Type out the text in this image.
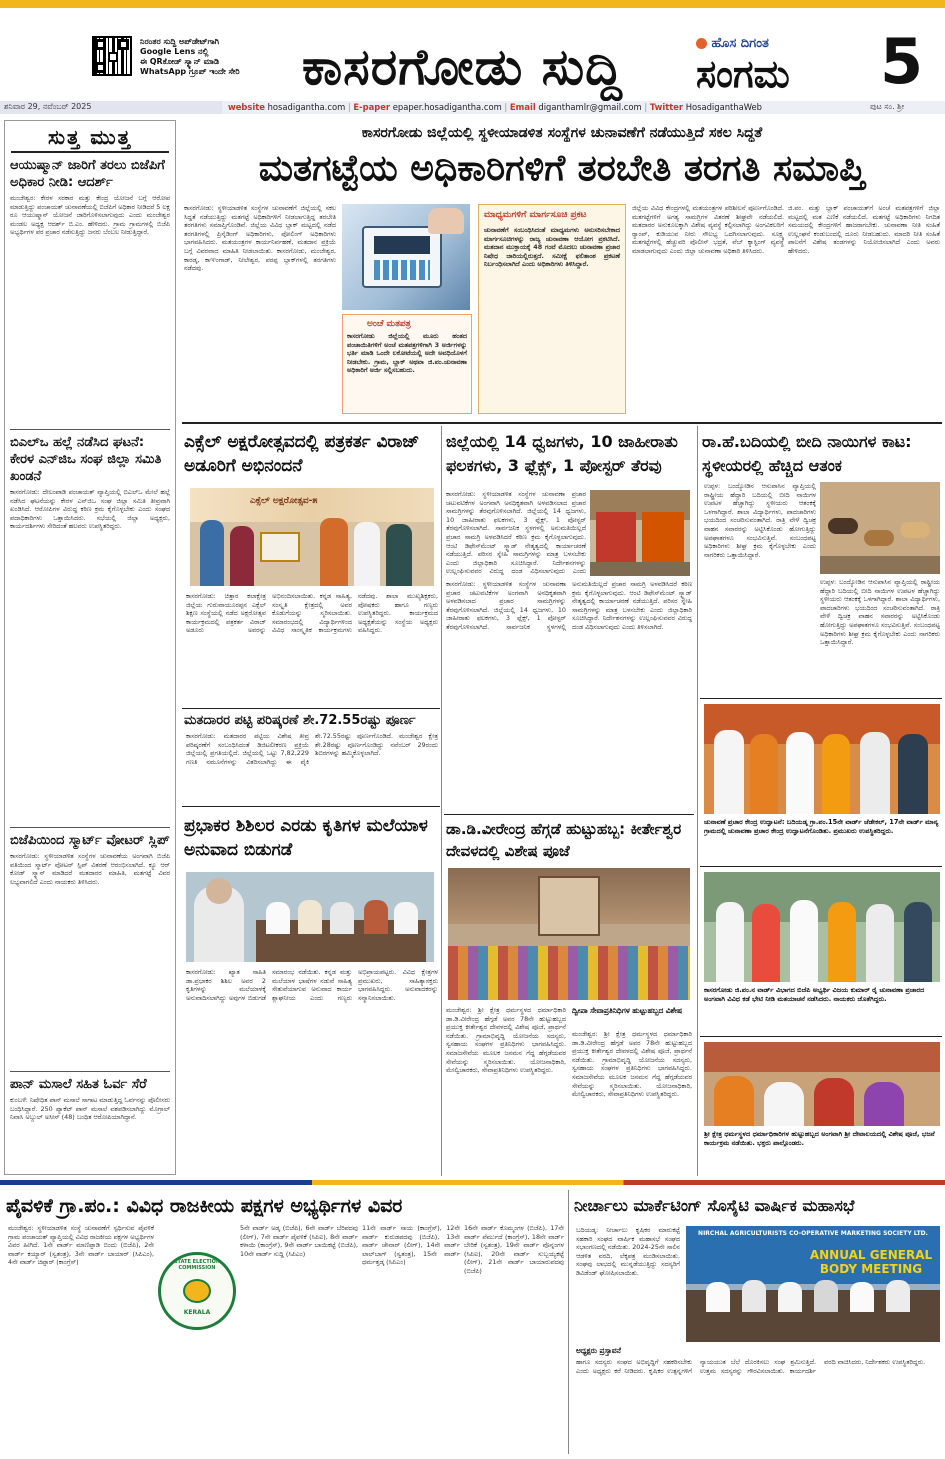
ನಿರಂತರ ಸುದ್ದಿ ಅಪ್‌ಡೇಟ್‌ಗಾಗಿ
Google Lens ನಲ್ಲಿ
ಈ QRಕೋಡ್ ಸ್ಕ್ಯಾನ್ ಮಾಡಿ
WhatsApp ಗ್ರೂಪ್ ಇಂದೇ ಸೇರಿ	ಕಾಸರಗೋಡು ಸುದ್ದಿ	ಹೊಸ ದಿಗಂತ
ಸಂಗಮ 5
ಶನಿವಾರ 29, ನವೆಂಬರ್ 2025	website hosadigantha.com | E-paper epaper.hosadigantha.com | Email diganthamlr@gmail.com | Twitter HosadiganthaWeb	ಪುಟ ಸಂ. ಶ್ರೀ
ಸುತ್ತ ಮುತ್ತ
ಆಯುಷ್ಮಾನ್ ಜಾರಿಗೆ ತರಲು ಬಿಜೆಪಿಗೆ ಅಧಿಕಾರ ನೀಡಿ: ಆದರ್ಶ್
ಮಂಜೇಶ್ವರ: ಕೇರಳ ಸರಕಾರ ಮತ್ತು ಕೇಂದ್ರ ಯೋಜನೆ ಬಗ್ಗೆ ಆರೋಪ ಮಾಡುತ್ತಿದ್ದು ಪಂಚಾಯತ್ ಚುನಾವಣೆಯಲ್ಲಿ ಬಿಜೆಪಿಗೆ ಅಧಿಕಾರ ನೀಡಿದರೆ 5 ಲಕ್ಷ ರೂ ಆಯುಷ್ಮಾನ್ ಯೋಜನೆ ಜಾರಿಗೊಳಿಸಲಾಗುವುದು ಎಂದು ಮಂಜೇಶ್ವರ ಮಂಡಲ ಅಧ್ಯಕ್ಷ ಆದರ್ಶ್ ಬಿ.ಎಂ. ಹೇಳಿದರು. ಗ್ರಾಮ ಗ್ರಾಮಗಳಲ್ಲಿ ಬಿಜೆಪಿ ಅಭ್ಯರ್ಥಿಗಳ ಪರ ಪ್ರಚಾರ ನಡೆಸುತ್ತಿದ್ದು ಜನರು ಬೆಂಬಲ ನೀಡುತ್ತಿದ್ದಾರೆ.
ಬಿಎಲ್‌ಒ ಹಲ್ಲೆ ನಡೆಸಿದ ಘಟನೆ: ಕೇರಳ ಎನ್‌ಜಿಒ ಸಂಘ ಜಿಲ್ಲಾ ಸಮಿತಿ ಖಂಡನೆ
ಕಾಸರಗೋಡು: ದೇಲಂಪಾಡಿ ಪಂಚಾಯತ್ ವ್ಯಾಪ್ತಿಯಲ್ಲಿ ಬಿಎಲ್‌ಒ ಮೇಲೆ ಹಲ್ಲೆ ನಡೆಸಿದ ಘಟನೆಯನ್ನು ಕೇರಳ ಎನ್‌ಜಿಒ ಸಂಘ ಜಿಲ್ಲಾ ಸಮಿತಿ ತೀವ್ರವಾಗಿ ಖಂಡಿಸಿದೆ. ಆರೋಪಿಗಳ ವಿರುದ್ಧ ಕಠಿಣ ಕ್ರಮ ಕೈಗೊಳ್ಳಬೇಕು ಎಂದು ಸಂಘದ ಪದಾಧಿಕಾರಿಗಳು ಒತ್ತಾಯಿಸಿದರು. ಸಭೆಯಲ್ಲಿ ಜಿಲ್ಲಾ ಅಧ್ಯಕ್ಷರು, ಕಾರ್ಯದರ್ಶಿಗಳು ಸೇರಿದಂತೆ ಹಲವರು ಉಪಸ್ಥಿತರಿದ್ದರು.
ಬಿಜೆಪಿಯಿಂದ ಸ್ಮಾರ್ಟ್ ವೋಟರ್ ಸ್ಲಿಪ್
ಕಾಸರಗೋಡು: ಸ್ಥಳೀಯಾಡಳಿತ ಸಂಸ್ಥೆಗಳ ಚುನಾವಣೆಯ ಅಂಗವಾಗಿ ಬಿಜೆಪಿ ವತಿಯಿಂದ ಸ್ಮಾರ್ಟ್ ವೋಟರ್ ಸ್ಲಿಪ್ ವಿತರಣೆ ಆರಂಭಿಸಲಾಗಿದೆ. ಕ್ಯೂ ಆರ್ ಕೋಡ್ ಸ್ಕ್ಯಾನ್ ಮಾಡಿದರೆ ಮತದಾರರ ಮಾಹಿತಿ, ಮತಗಟ್ಟೆ ವಿವರ ಲಭ್ಯವಾಗಲಿದೆ ಎಂದು ನಾಯಕರು ತಿಳಿಸಿದರು.
ಪಾನ್ ಮಸಾಲೆ ಸಹಿತ ಓರ್ವ ಸೆರೆ
ಕುಂಬಳೆ: ನಿಷೇಧಿತ ಪಾನ್ ಮಸಾಲೆ ಸಾಗಾಟ ಮಾಡುತ್ತಿದ್ದ ಓರ್ವನನ್ನು ಪೊಲೀಸರು ಬಂಧಿಸಿದ್ದಾರೆ. 250 ಪ್ಯಾಕೆಟ್ ಪಾನ್ ಮಸಾಲೆ ವಶಪಡಿಸಲಾಗಿದ್ದು ಮೊಗ್ರಾಲ್ ನಿವಾಸಿ ಅಬ್ದುಲ್ ಅಸೀಸ್ (48) ಬಂಧಿತ ಆರೋಪಿಯಾಗಿದ್ದಾನೆ.
ಕಾಸರಗೋಡು ಜಿಲ್ಲೆಯಲ್ಲಿ ಸ್ಥಳೀಯಾಡಳಿತ ಸಂಸ್ಥೆಗಳ ಚುನಾವಣೆಗೆ ನಡೆಯುತ್ತಿದೆ ಸಕಲ ಸಿದ್ಧತೆ
ಮತಗಟ್ಟೆಯ ಅಧಿಕಾರಿಗಳಿಗೆ ತರಬೇತಿ ತರಗತಿ ಸಮಾಪ್ತಿ
ಕಾಸರಗೋಡು: ಸ್ಥಳೀಯಾಡಳಿತ ಸಂಸ್ಥೆಗಳ ಚುನಾವಣೆಗೆ ಜಿಲ್ಲೆಯಲ್ಲಿ ಸಕಲ ಸಿದ್ಧತೆ ನಡೆಯುತ್ತಿದ್ದು ಮತಗಟ್ಟೆ ಅಧಿಕಾರಿಗಳಿಗೆ ನೀಡಲಾಗುತ್ತಿದ್ದ ತರಬೇತಿ ತರಗತಿಗಳು ಸಮಾಪ್ತಿಗೊಂಡಿವೆ. ಜಿಲ್ಲೆಯ ವಿವಿಧ ಬ್ಲಾಕ್ ಮಟ್ಟದಲ್ಲಿ ನಡೆದ ತರಗತಿಗಳಲ್ಲಿ ಪ್ರಿಸೈಡಿಂಗ್ ಅಧಿಕಾರಿಗಳು, ಪೋಲಿಂಗ್ ಅಧಿಕಾರಿಗಳು ಭಾಗವಹಿಸಿದರು. ಮತಯಂತ್ರಗಳ ಕಾರ್ಯನಿರ್ವಹಣೆ, ಮತದಾನ ಪ್ರಕ್ರಿಯೆ ಬಗ್ಗೆ ವಿವರವಾದ ಮಾಹಿತಿ ನೀಡಲಾಯಿತು. ಕಾಸರಗೋಡು, ಮಂಜೇಶ್ವರ, ಕಾರಡ್ಕ, ಕಾಞಂಗಾಡ್, ನೀಲೇಶ್ವರ, ಪರಪ್ಪ ಬ್ಲಾಕ್‌ಗಳಲ್ಲಿ ತರಗತಿಗಳು ನಡೆದವು.
ಅಂಚೆ ಮತಪತ್ರ
ಕಾಸರಗೋಡು ಜಿಲ್ಲೆಯಲ್ಲಿ ಮೂರು ಹಂತದ ಪಂಚಾಯಿತಿಗಳಿಗೆ ಅಂಚೆ ಮತಪತ್ರಗಳಿಗಾಗಿ 3 ಅರ್ಜಿಗಳನ್ನು ಭರ್ತಿ ಮಾಡಿ ಒಂದೇ ಲಕೋಟೆಯಲ್ಲಿ ಅದೇ ಅವಧಿಯೊಳಗೆ ನೀಡಬೇಕು. ಗ್ರಾಮ, ಬ್ಲಾಕ್ ಅಥವಾ ಜಿ.ಪಂ.ಚುನಾವಣಾ ಅಧಿಕಾರಿಗೆ ಅರ್ಜಿ ಸಲ್ಲಿಸಬಹುದು.
ಮಾಧ್ಯಮಗಳಿಗೆ ಮಾರ್ಗಸೂಚಿ ಪ್ರಕಟ
ಚುನಾವಣೆಗೆ ಸಂಬಂಧಿಸಿದಂತೆ ಮಾಧ್ಯಮಗಳು ಅನುಸರಿಸಬೇಕಾದ ಮಾರ್ಗಸೂಚಿಗಳನ್ನು ರಾಜ್ಯ ಚುನಾವಣಾ ಆಯೋಗ ಪ್ರಕಟಿಸಿದೆ. ಮತದಾನ ಮುಕ್ತಾಯಕ್ಕೆ 48 ಗಂಟೆ ಮೊದಲು ಚುನಾವಣಾ ಪ್ರಚಾರ ನಿಷೇಧ ಜಾರಿಯಲ್ಲಿರುತ್ತದೆ. ಸಮೀಕ್ಷೆ ಫಲಿತಾಂಶ ಪ್ರಕಟಣೆ ನಿರ್ಬಂಧಿಸಲಾಗಿದೆ ಎಂದು ಅಧಿಕಾರಿಗಳು ತಿಳಿಸಿದ್ದಾರೆ.
ಜಿಲ್ಲೆಯ ವಿವಿಧ ಕೇಂದ್ರಗಳಲ್ಲಿ ಮತಯಂತ್ರಗಳ ಪರಿಶೀಲನೆ ಪೂರ್ಣಗೊಂಡಿದೆ. ಮತಗಟ್ಟೆಗಳಿಗೆ ಅಗತ್ಯ ಸಾಮಗ್ರಿಗಳ ವಿತರಣೆ ಶೀಘ್ರವೇ ನಡೆಯಲಿದೆ. ಮತದಾರರ ಅನುಕೂಲಕ್ಕಾಗಿ ವಿಶೇಷ ವ್ಯವಸ್ಥೆ ಕಲ್ಪಿಸಲಾಗಿದ್ದು ಅಂಗವಿಕಲರಿಗೆ ರ‍್ಯಾಂಪ್, ಕುಡಿಯುವ ನೀರು ಸೌಲಭ್ಯ ಒದಗಿಸಲಾಗುವುದು. ಸೂಕ್ಷ್ಮ ಮತಗಟ್ಟೆಗಳಲ್ಲಿ ಹೆಚ್ಚುವರಿ ಪೊಲೀಸ್ ಭದ್ರತೆ, ವೆಬ್ ಕ್ಯಾಸ್ಟಿಂಗ್ ವ್ಯವಸ್ಥೆ ಮಾಡಲಾಗುವುದು ಎಂದು ಜಿಲ್ಲಾ ಚುನಾವಣಾ ಅಧಿಕಾರಿ ತಿಳಿಸಿದರು.
ಜಿ.ಪಂ. ಮತ್ತು ಬ್ಲಾಕ್ ಪಂಚಾಯತ್‌ಗೆ ಅಂಚೆ ಮತಪತ್ರಗಳಿಗೆ ಜಿಲ್ಲಾ ಮಟ್ಟದಲ್ಲಿ ಮತ ಎಣಿಕೆ ನಡೆಯಲಿದೆ. ಮತಗಟ್ಟೆ ಅಧಿಕಾರಿಗಳು ನಿಗದಿತ ಸಮಯದಲ್ಲಿ ಕೇಂದ್ರಗಳಿಗೆ ಹಾಜರಾಗಬೇಕು. ಚುನಾವಣಾ ನೀತಿ ಸಂಹಿತೆ ಉಲ್ಲಂಘನೆ ಕಂಡುಬಂದಲ್ಲಿ ದೂರು ನೀಡಬಹುದು. ಮಾದರಿ ನೀತಿ ಸಂಹಿತೆ ಪಾಲನೆಗೆ ವಿಶೇಷ ತಂಡಗಳನ್ನು ನಿಯೋಜಿಸಲಾಗಿದೆ ಎಂದು ಅವರು ಹೇಳಿದರು.
ಎಕ್ಸೆಲ್ ಅಕ್ಷರೋತ್ಸವದಲ್ಲಿ ಪತ್ರಕರ್ತ ವಿರಾಜ್ ಅಡೂರಿಗೆ ಅಭಿನಂದನೆ
ಎಕ್ಸೆಲ್ ಅಕ್ಷರೋತ್ಸವ-೫
ಕಾಸರಗೋಡು: ಚಿತ್ತಾರ ಕಲಾಕ್ಷೇತ್ರ ಜಿಲ್ಲೆಯ ಗುರುವಾಯೂರಪ್ಪನ ಎಕ್ಸೆಲ್ ಶಿಕ್ಷಣ ಸಂಸ್ಥೆಯಲ್ಲಿ ನಡೆದ ಅಕ್ಷರೋತ್ಸವ ಕಾರ್ಯಕ್ರಮದಲ್ಲಿ ಪತ್ರಕರ್ತ ವಿರಾಜ್ ಅಡೂರು ಅವರನ್ನು ಅಭಿನಂದಿಸಲಾಯಿತು. ಕನ್ನಡ ಸಾಹಿತ್ಯ, ಸಂಸ್ಕೃತಿ ಕ್ಷೇತ್ರದಲ್ಲಿ ಅವರ ಕೊಡುಗೆಯನ್ನು ಸ್ಮರಿಸಲಾಯಿತು. ಸಮಾರಂಭದಲ್ಲಿ ವಿದ್ಯಾರ್ಥಿಗಳಿಂದ ವಿವಿಧ ಸಾಂಸ್ಕೃತಿಕ ಕಾರ್ಯಕ್ರಮಗಳು ನಡೆದವು. ಶಾಲಾ ಮುಖ್ಯಶಿಕ್ಷಕರು, ಪೋಷಕರು ಹಾಗೂ ಗಣ್ಯರು ಉಪಸ್ಥಿತರಿದ್ದರು. ಕಾರ್ಯಕ್ರಮದ ಅಧ್ಯಕ್ಷತೆಯನ್ನು ಸಂಸ್ಥೆಯ ಅಧ್ಯಕ್ಷರು ವಹಿಸಿದ್ದರು.
ಮತದಾರರ ಪಟ್ಟಿ ಪರಿಷ್ಕರಣೆ ಶೇ.72.55ರಷ್ಟು ಪೂರ್ಣ
ಕಾಸರಗೋಡು: ಮತದಾರರ ಪಟ್ಟಿಯ ವಿಶೇಷ ತೀವ್ರ ಪರಿಷ್ಕರಣೆಗೆ ಸಂಬಂಧಿಸಿದಂತೆ ಡಿಜಿಟಲೀಕರಣ ಪ್ರಕ್ರಿಯೆ ಜಿಲ್ಲೆಯಲ್ಲಿ ಪ್ರಗತಿಯಲ್ಲಿದೆ. ಜಿಲ್ಲೆಯಲ್ಲಿ ಒಟ್ಟು 7,82,229 ಗಣತಿ ನಮೂನೆಗಳನ್ನು ವಿತರಿಸಲಾಗಿದ್ದು ಈ ಪೈಕಿ ಶೇ.72.55ರಷ್ಟು ಪೂರ್ಣಗೊಂಡಿದೆ. ಮಂಜೇಶ್ವರ ಕ್ಷೇತ್ರ ಶೇ.28ರಷ್ಟು ಪೂರ್ಣಗೊಂಡಿದ್ದು ನವೆಂಬರ್ 29ರಂದು ಶಿಬಿರಗಳನ್ನು ಹಮ್ಮಿಕೊಳ್ಳಲಾಗಿದೆ.
ಪ್ರಭಾಕರ ಶಿಶಿಲರ ಎರಡು ಕೃತಿಗಳ ಮಲೆಯಾಳ ಅನುವಾದ ಬಿಡುಗಡೆ
ಕಾಸರಗೋಡು: ಖ್ಯಾತ ಸಾಹಿತಿ ಡಾ.ಪ್ರಭಾಕರ ಶಿಶಿಲ ಅವರ 2 ಕೃತಿಗಳನ್ನು ಮಲೆಯಾಳಕ್ಕೆ ಅನುವಾದಿಸಲಾಗಿದ್ದು ಅವುಗಳ ಬಿಡುಗಡೆ ಸಮಾರಂಭ ನಡೆಯಿತು. ಕನ್ನಡ ಮತ್ತು ಮಲೆಯಾಳ ಭಾಷೆಗಳ ನಡುವೆ ಸಾಹಿತ್ಯ ಸೇತುವೆಯಾಗುವ ಅನುವಾದ ಕಾರ್ಯ ಶ್ಲಾಘನೀಯ ಎಂದು ಗಣ್ಯರು ಅಭಿಪ್ರಾಯಪಟ್ಟರು. ವಿವಿಧ ಕ್ಷೇತ್ರಗಳ ಪ್ರಮುಖರು, ಸಾಹಿತ್ಯಾಸಕ್ತರು ಭಾಗವಹಿಸಿದ್ದರು. ಅನುವಾದಕರನ್ನು ಸನ್ಮಾನಿಸಲಾಯಿತು.
ಜಿಲ್ಲೆಯಲ್ಲಿ 14 ಧ್ವಜಗಳು, 10 ಜಾಹೀರಾತು ಫಲಕಗಳು, 3 ಫ್ಲೆಕ್ಸ್, 1 ಪೋಸ್ಟರ್ ತೆರವು
ಕಾಸರಗೋಡು: ಸ್ಥಳೀಯಾಡಳಿತ ಸಂಸ್ಥೆಗಳ ಚುನಾವಣಾ ಪ್ರಚಾರ ಚಟುವಟಿಕೆಗಳ ಅಂಗವಾಗಿ ಅನಧಿಕೃತವಾಗಿ ಅಳವಡಿಸಲಾದ ಪ್ರಚಾರ ಸಾಮಗ್ರಿಗಳನ್ನು ತೆರವುಗೊಳಿಸಲಾಗಿದೆ. ಜಿಲ್ಲೆಯಲ್ಲಿ 14 ಧ್ವಜಗಳು, 10 ಜಾಹೀರಾತು ಫಲಕಗಳು, 3 ಫ್ಲೆಕ್ಸ್, 1 ಪೋಸ್ಟರ್ ತೆರವುಗೊಳಿಸಲಾಗಿದೆ. ಸಾರ್ವಜನಿಕ ಸ್ಥಳಗಳಲ್ಲಿ ಅನುಮತಿಯಿಲ್ಲದೆ ಪ್ರಚಾರ ಸಾಮಗ್ರಿ ಅಳವಡಿಸಿದರೆ ಕಠಿಣ ಕ್ರಮ ಕೈಗೊಳ್ಳಲಾಗುವುದು. ಆಂಟಿ ಡಿಫೇಸ್‌ಮೆಂಟ್ ಸ್ಕ್ವಾಡ್ ನೇತೃತ್ವದಲ್ಲಿ ಕಾರ್ಯಾಚರಣೆ ನಡೆಯುತ್ತಿದೆ. ಪರಿಸರ ಸ್ನೇಹಿ ಸಾಮಗ್ರಿಗಳನ್ನು ಮಾತ್ರ ಬಳಸಬೇಕು ಎಂದು ಜಿಲ್ಲಾಧಿಕಾರಿ ಸೂಚಿಸಿದ್ದಾರೆ. ನಿರ್ದೇಶನಗಳನ್ನು ಉಲ್ಲಂಘಿಸುವವರ ವಿರುದ್ಧ ದಂಡ ವಿಧಿಸಲಾಗುವುದು ಎಂದು
ಕಾಸರಗೋಡು: ಸ್ಥಳೀಯಾಡಳಿತ ಸಂಸ್ಥೆಗಳ ಚುನಾವಣಾ ಪ್ರಚಾರ ಚಟುವಟಿಕೆಗಳ ಅಂಗವಾಗಿ ಅನಧಿಕೃತವಾಗಿ ಅಳವಡಿಸಲಾದ ಪ್ರಚಾರ ಸಾಮಗ್ರಿಗಳನ್ನು ತೆರವುಗೊಳಿಸಲಾಗಿದೆ. ಜಿಲ್ಲೆಯಲ್ಲಿ 14 ಧ್ವಜಗಳು, 10 ಜಾಹೀರಾತು ಫಲಕಗಳು, 3 ಫ್ಲೆಕ್ಸ್, 1 ಪೋಸ್ಟರ್ ತೆರವುಗೊಳಿಸಲಾಗಿದೆ. ಸಾರ್ವಜನಿಕ ಸ್ಥಳಗಳಲ್ಲಿ ಅನುಮತಿಯಿಲ್ಲದೆ ಪ್ರಚಾರ ಸಾಮಗ್ರಿ ಅಳವಡಿಸಿದರೆ ಕಠಿಣ ಕ್ರಮ ಕೈಗೊಳ್ಳಲಾಗುವುದು. ಆಂಟಿ ಡಿಫೇಸ್‌ಮೆಂಟ್ ಸ್ಕ್ವಾಡ್ ನೇತೃತ್ವದಲ್ಲಿ ಕಾರ್ಯಾಚರಣೆ ನಡೆಯುತ್ತಿದೆ. ಪರಿಸರ ಸ್ನೇಹಿ ಸಾಮಗ್ರಿಗಳನ್ನು ಮಾತ್ರ ಬಳಸಬೇಕು ಎಂದು ಜಿಲ್ಲಾಧಿಕಾರಿ ಸೂಚಿಸಿದ್ದಾರೆ. ನಿರ್ದೇಶನಗಳನ್ನು ಉಲ್ಲಂಘಿಸುವವರ ವಿರುದ್ಧ ದಂಡ ವಿಧಿಸಲಾಗುವುದು ಎಂದು ತಿಳಿಸಲಾಗಿದೆ.
ಡಾ.ಡಿ.ವೀರೇಂದ್ರ ಹೆಗ್ಗಡೆ ಹುಟ್ಟುಹಬ್ಬ: ಕೀರ್ತೇಶ್ವರ ದೇವಳದಲ್ಲಿ ವಿಶೇಷ ಪೂಜೆ
ಮಂಜೇಶ್ವರ: ಶ್ರೀ ಕ್ಷೇತ್ರ ಧರ್ಮಸ್ಥಳದ ಧರ್ಮಾಧಿಕಾರಿ ಡಾ.ಡಿ.ವೀರೇಂದ್ರ ಹೆಗ್ಗಡೆ ಅವರ 78ನೇ ಹುಟ್ಟುಹಬ್ಬದ ಪ್ರಯುಕ್ತ ಕೀರ್ತೇಶ್ವರ ದೇವಳದಲ್ಲಿ ವಿಶೇಷ ಪೂಜೆ, ಪ್ರಾರ್ಥನೆ ನಡೆಯಿತು. ಗ್ರಾಮಾಭಿವೃದ್ಧಿ ಯೋಜನೆಯ ಸದಸ್ಯರು, ಸ್ವಸಹಾಯ ಸಂಘಗಳ ಪ್ರತಿನಿಧಿಗಳು ಭಾಗವಹಿಸಿದ್ದರು. ಸಮಾಜಸೇವೆಯ ಮೂಲಕ ಜನಮನ ಗೆದ್ದ ಹೆಗ್ಗಡೆಯವರ ಸೇವೆಯನ್ನು ಸ್ಮರಿಸಲಾಯಿತು. ಯೋಜನಾಧಿಕಾರಿ, ಮೇಲ್ವಿಚಾರಕರು, ಸೇವಾಪ್ರತಿನಿಧಿಗಳು ಉಪಸ್ಥಿತರಿದ್ದರು.
ದ್ವೀಪಾ ಸೇವಾಪ್ರತಿನಿಧಿಗಳ ಹುಟ್ಟುಹಬ್ಬದ ವಿಶೇಷ
ಮಂಜೇಶ್ವರ: ಶ್ರೀ ಕ್ಷೇತ್ರ ಧರ್ಮಸ್ಥಳದ ಧರ್ಮಾಧಿಕಾರಿ ಡಾ.ಡಿ.ವೀರೇಂದ್ರ ಹೆಗ್ಗಡೆ ಅವರ 78ನೇ ಹುಟ್ಟುಹಬ್ಬದ ಪ್ರಯುಕ್ತ ಕೀರ್ತೇಶ್ವರ ದೇವಳದಲ್ಲಿ ವಿಶೇಷ ಪೂಜೆ, ಪ್ರಾರ್ಥನೆ ನಡೆಯಿತು. ಗ್ರಾಮಾಭಿವೃದ್ಧಿ ಯೋಜನೆಯ ಸದಸ್ಯರು, ಸ್ವಸಹಾಯ ಸಂಘಗಳ ಪ್ರತಿನಿಧಿಗಳು ಭಾಗವಹಿಸಿದ್ದರು. ಸಮಾಜಸೇವೆಯ ಮೂಲಕ ಜನಮನ ಗೆದ್ದ ಹೆಗ್ಗಡೆಯವರ ಸೇವೆಯನ್ನು ಸ್ಮರಿಸಲಾಯಿತು. ಯೋಜನಾಧಿಕಾರಿ, ಮೇಲ್ವಿಚಾರಕರು, ಸೇವಾಪ್ರತಿನಿಧಿಗಳು ಉಪಸ್ಥಿತರಿದ್ದರು.
ರಾ.ಹೆ.ಬದಿಯಲ್ಲಿ ಬೀದಿ ನಾಯಿಗಳ ಕಾಟ: ಸ್ಥಳೀಯರಲ್ಲಿ ಹೆಚ್ಚಿದ ಆತಂಕ
ಉಪ್ಪಳ: ಬಂದ್ಯೋಡಿನ ಆಸುಪಾಸಿನ ವ್ಯಾಪ್ತಿಯಲ್ಲಿ ರಾಷ್ಟ್ರೀಯ ಹೆದ್ದಾರಿ ಬದಿಯಲ್ಲಿ ಬೀದಿ ನಾಯಿಗಳ ಉಪಟಳ ಹೆಚ್ಚಾಗಿದ್ದು ಸ್ಥಳೀಯರು ಆತಂಕಕ್ಕೆ ಒಳಗಾಗಿದ್ದಾರೆ. ಶಾಲಾ ವಿದ್ಯಾರ್ಥಿಗಳು, ಪಾದಚಾರಿಗಳು ಭಯದಿಂದ ಸಂಚರಿಸುವಂತಾಗಿದೆ. ರಾತ್ರಿ ವೇಳೆ ದ್ವಿಚಕ್ರ ವಾಹನ ಸವಾರರನ್ನು ಅಟ್ಟಿಸಿಕೊಂಡು ಹೋಗುತ್ತಿದ್ದು ಅಪಘಾತಗಳೂ ಸಂಭವಿಸುತ್ತಿವೆ. ಸಂಬಂಧಪಟ್ಟ ಅಧಿಕಾರಿಗಳು ಶೀಘ್ರ ಕ್ರಮ ಕೈಗೊಳ್ಳಬೇಕು ಎಂದು ನಾಗರಿಕರು ಒತ್ತಾಯಿಸಿದ್ದಾರೆ.
ಉಪ್ಪಳ: ಬಂದ್ಯೋಡಿನ ಆಸುಪಾಸಿನ ವ್ಯಾಪ್ತಿಯಲ್ಲಿ ರಾಷ್ಟ್ರೀಯ ಹೆದ್ದಾರಿ ಬದಿಯಲ್ಲಿ ಬೀದಿ ನಾಯಿಗಳ ಉಪಟಳ ಹೆಚ್ಚಾಗಿದ್ದು ಸ್ಥಳೀಯರು ಆತಂಕಕ್ಕೆ ಒಳಗಾಗಿದ್ದಾರೆ. ಶಾಲಾ ವಿದ್ಯಾರ್ಥಿಗಳು, ಪಾದಚಾರಿಗಳು ಭಯದಿಂದ ಸಂಚರಿಸುವಂತಾಗಿದೆ. ರಾತ್ರಿ ವೇಳೆ ದ್ವಿಚಕ್ರ ವಾಹನ ಸವಾರರನ್ನು ಅಟ್ಟಿಸಿಕೊಂಡು ಹೋಗುತ್ತಿದ್ದು ಅಪಘಾತಗಳೂ ಸಂಭವಿಸುತ್ತಿವೆ. ಸಂಬಂಧಪಟ್ಟ ಅಧಿಕಾರಿಗಳು ಶೀಘ್ರ ಕ್ರಮ ಕೈಗೊಳ್ಳಬೇಕು ಎಂದು ನಾಗರಿಕರು ಒತ್ತಾಯಿಸಿದ್ದಾರೆ.
ಚುನಾವಣೆ ಪ್ರಚಾರ ಕೇಂದ್ರ ಉದ್ಘಾಟನೆ: ಬದಿಯಡ್ಕ ಗ್ರಾ.ಪಂ.15ನೇ ವಾರ್ಡ್ ಚೆಡೇಕಲ್, 17ನೇ ವಾರ್ಡ್ ಮಾನ್ಯ ಗ್ರಾಮದಲ್ಲಿ ಚುನಾವಣಾ ಪ್ರಚಾರ ಕೇಂದ್ರ ಉದ್ಘಾಟನೆಗೊಂಡಿತು. ಪ್ರಮುಖರು ಉಪಸ್ಥಿತರಿದ್ದರು.
ಕಾಸರಗೋಡು ಜಿ.ಪಂ.ನ ವಾರ್ಡ್ ವಿಭಾಗದ ಬಿಜೆಪಿ ಅಭ್ಯರ್ಥಿ ವಿಜಯ ಕುಮಾರ್ ರೈ ಚುನಾವಣಾ ಪ್ರಚಾರದ ಅಂಗವಾಗಿ ವಿವಿಧ ಕಡೆ ಭೇಟಿ ನೀಡಿ ಮತಯಾಚನೆ ನಡೆಸಿದರು. ನಾಯಕರು ಜೊತೆಗಿದ್ದರು.
ಶ್ರೀ ಕ್ಷೇತ್ರ ಧರ್ಮಸ್ಥಳದ ಧರ್ಮಾಧಿಕಾರಿಗಳ ಹುಟ್ಟುಹಬ್ಬದ ಅಂಗವಾಗಿ ಶ್ರೀ ದೇವಾಲಯದಲ್ಲಿ ವಿಶೇಷ ಪೂಜೆ, ಭಜನೆ ಕಾರ್ಯಕ್ರಮ ನಡೆಯಿತು. ಭಕ್ತರು ಪಾಲ್ಗೊಂಡರು.
ಪೈವಳಿಕೆ ಗ್ರಾ.ಪಂ.: ವಿವಿಧ ರಾಜಕೀಯ ಪಕ್ಷಗಳ ಅಭ್ಯರ್ಥಿಗಳ ವಿವರ
ಮಂಜೇಶ್ವರ: ಸ್ಥಳೀಯಾಡಳಿತ ಸಂಸ್ಥೆ ಚುನಾವಣೆಗೆ ಸ್ಪರ್ಧಿಸುವ ಪೈವಳಿಕೆ ಗ್ರಾಮ ಪಂಚಾಯತ್ ವ್ಯಾಪ್ತಿಯಲ್ಲಿ ವಿವಿಧ ರಾಜಕೀಯ ಪಕ್ಷಗಳ ಅಭ್ಯರ್ಥಿಗಳ ವಿವರ ಹೀಗಿದೆ. 1ನೇ ವಾರ್ಡ್ ಮಾಣಿಪ್ಪಾಡಿ ಬಿಂದು (ಬಿಜೆಪಿ), 2ನೇ ವಾರ್ಡ್ ಕಯ್ಯಾರ್ (ಸ್ವತಂತ್ರ), 3ನೇ ವಾರ್ಡ್ ಬಾಯಾರ್ (ಸಿಪಿಎಂ), 4ನೇ ವಾರ್ಡ್ ಚಿಪ್ಪಾರ್ (ಕಾಂಗ್ರೆಸ್)	STATE ELECTION COMMISSION
KERALA
5ನೇ ವಾರ್ಡ್ ಅಡ್ಕ (ಬಿಜೆಪಿ), 6ನೇ ವಾರ್ಡ್ ಬೆರಿಪದವು (ಲೀಗ್), 7ನೇ ವಾರ್ಡ್ ಪೈವಳಿಕೆ (ಸಿಪಿಐ), 8ನೇ ವಾರ್ಡ್ ಕಳಾಯಿ (ಕಾಂಗ್ರೆಸ್), 9ನೇ ವಾರ್ಡ್ ಬಾಯಿಕಟ್ಟೆ (ಬಿಜೆಪಿ), 10ನೇ ವಾರ್ಡ್ ಸುದ್ದಿ (ಸಿಪಿಎಂ)
11ನೇ ವಾರ್ಡ್ ಸಾಯ (ಕಾಂಗ್ರೆಸ್), 12ನೇ ವಾರ್ಡ್ ಕುರುಡಪದವು (ಬಿಜೆಪಿ), 13ನೇ ವಾರ್ಡ್ ಚೇವಾರ್ (ಲೀಗ್), 14ನೇ ವಾರ್ಡ್ ಲಾಲ್‌ಬಾಗ್ (ಸ್ವತಂತ್ರ), 15ನೇ ವಾರ್ಡ್ ಧರ್ಮತ್ತಡ್ಕ (ಸಿಪಿಎಂ)
16ನೇ ವಾರ್ಡ್ ಕೊಮ್ಮಂಗಳ (ಬಿಜೆಪಿ), 17ನೇ ವಾರ್ಡ್ ಪೆರ್ಮುದೆ (ಕಾಂಗ್ರೆಸ್), 18ನೇ ವಾರ್ಡ್ ಬೇರಿಕೆ (ಸ್ವತಂತ್ರ), 19ನೇ ವಾರ್ಡ್ ಪೊನ್ನಂಗಳ (ಸಿಪಿಐ), 20ನೇ ವಾರ್ಡ್ ಸುಬ್ಬಯ್ಯಕಟ್ಟೆ (ಲೀಗ್), 21ನೇ ವಾರ್ಡ್ ಬಾಯಾರುಪದವು (ಬಿಜೆಪಿ)
ನೀರ್ಚಾಲು ಮಾರ್ಕೆಟಿಂಗ್ ಸೊಸೈಟಿ ವಾರ್ಷಿಕ ಮಹಾಸಭೆ
ಬದಿಯಡ್ಕ: ನೀರ್ಚಾಲು ಕೃಷಿಕರ ಮಾರುಕಟ್ಟೆ ಸಹಕಾರಿ ಸಂಘದ ವಾರ್ಷಿಕ ಮಹಾಸಭೆ ಸಂಘದ ಸಭಾಂಗಣದಲ್ಲಿ ನಡೆಯಿತು. 2024-25ನೇ ಸಾಲಿನ ಆಡಳಿತ ವರದಿ, ಲೆಕ್ಕಪತ್ರ ಮಂಡಿಸಲಾಯಿತು. ಸಂಘವು ಲಾಭದಲ್ಲಿ ಮುನ್ನಡೆಯುತ್ತಿದ್ದು ಸದಸ್ಯರಿಗೆ ಡಿವಿಡೆಂಡ್ ಘೋಷಿಸಲಾಯಿತು.
NIRCHAL AGRICULTURISTS CO-OPERATIVE MARKETING SOCIETY LTD.
ANNUAL GENERAL BODY MEETING
ಅಧ್ಯಕ್ಷರು ಪ್ರಸ್ತಾವನೆ
ಹಾಗೂ ಸದಸ್ಯರು ಸಂಘದ ಅಭಿವೃದ್ಧಿಗೆ ಸಹಕರಿಸಬೇಕು ಎಂದು ಅಧ್ಯಕ್ಷರು ಕರೆ ನೀಡಿದರು. ಕೃಷಿಕರ ಉತ್ಪನ್ನಗಳಿಗೆ ನ್ಯಾಯಯುತ ಬೆಲೆ ದೊರಕಿಸಲು ಸಂಘ ಶ್ರಮಿಸುತ್ತಿದೆ. ಉತ್ತಮ ಸದಸ್ಯರನ್ನು ಗೌರವಿಸಲಾಯಿತು. ಕಾರ್ಯದರ್ಶಿ ವರದಿ ವಾಚಿಸಿದರು, ನಿರ್ದೇಶಕರು ಉಪಸ್ಥಿತರಿದ್ದರು.
